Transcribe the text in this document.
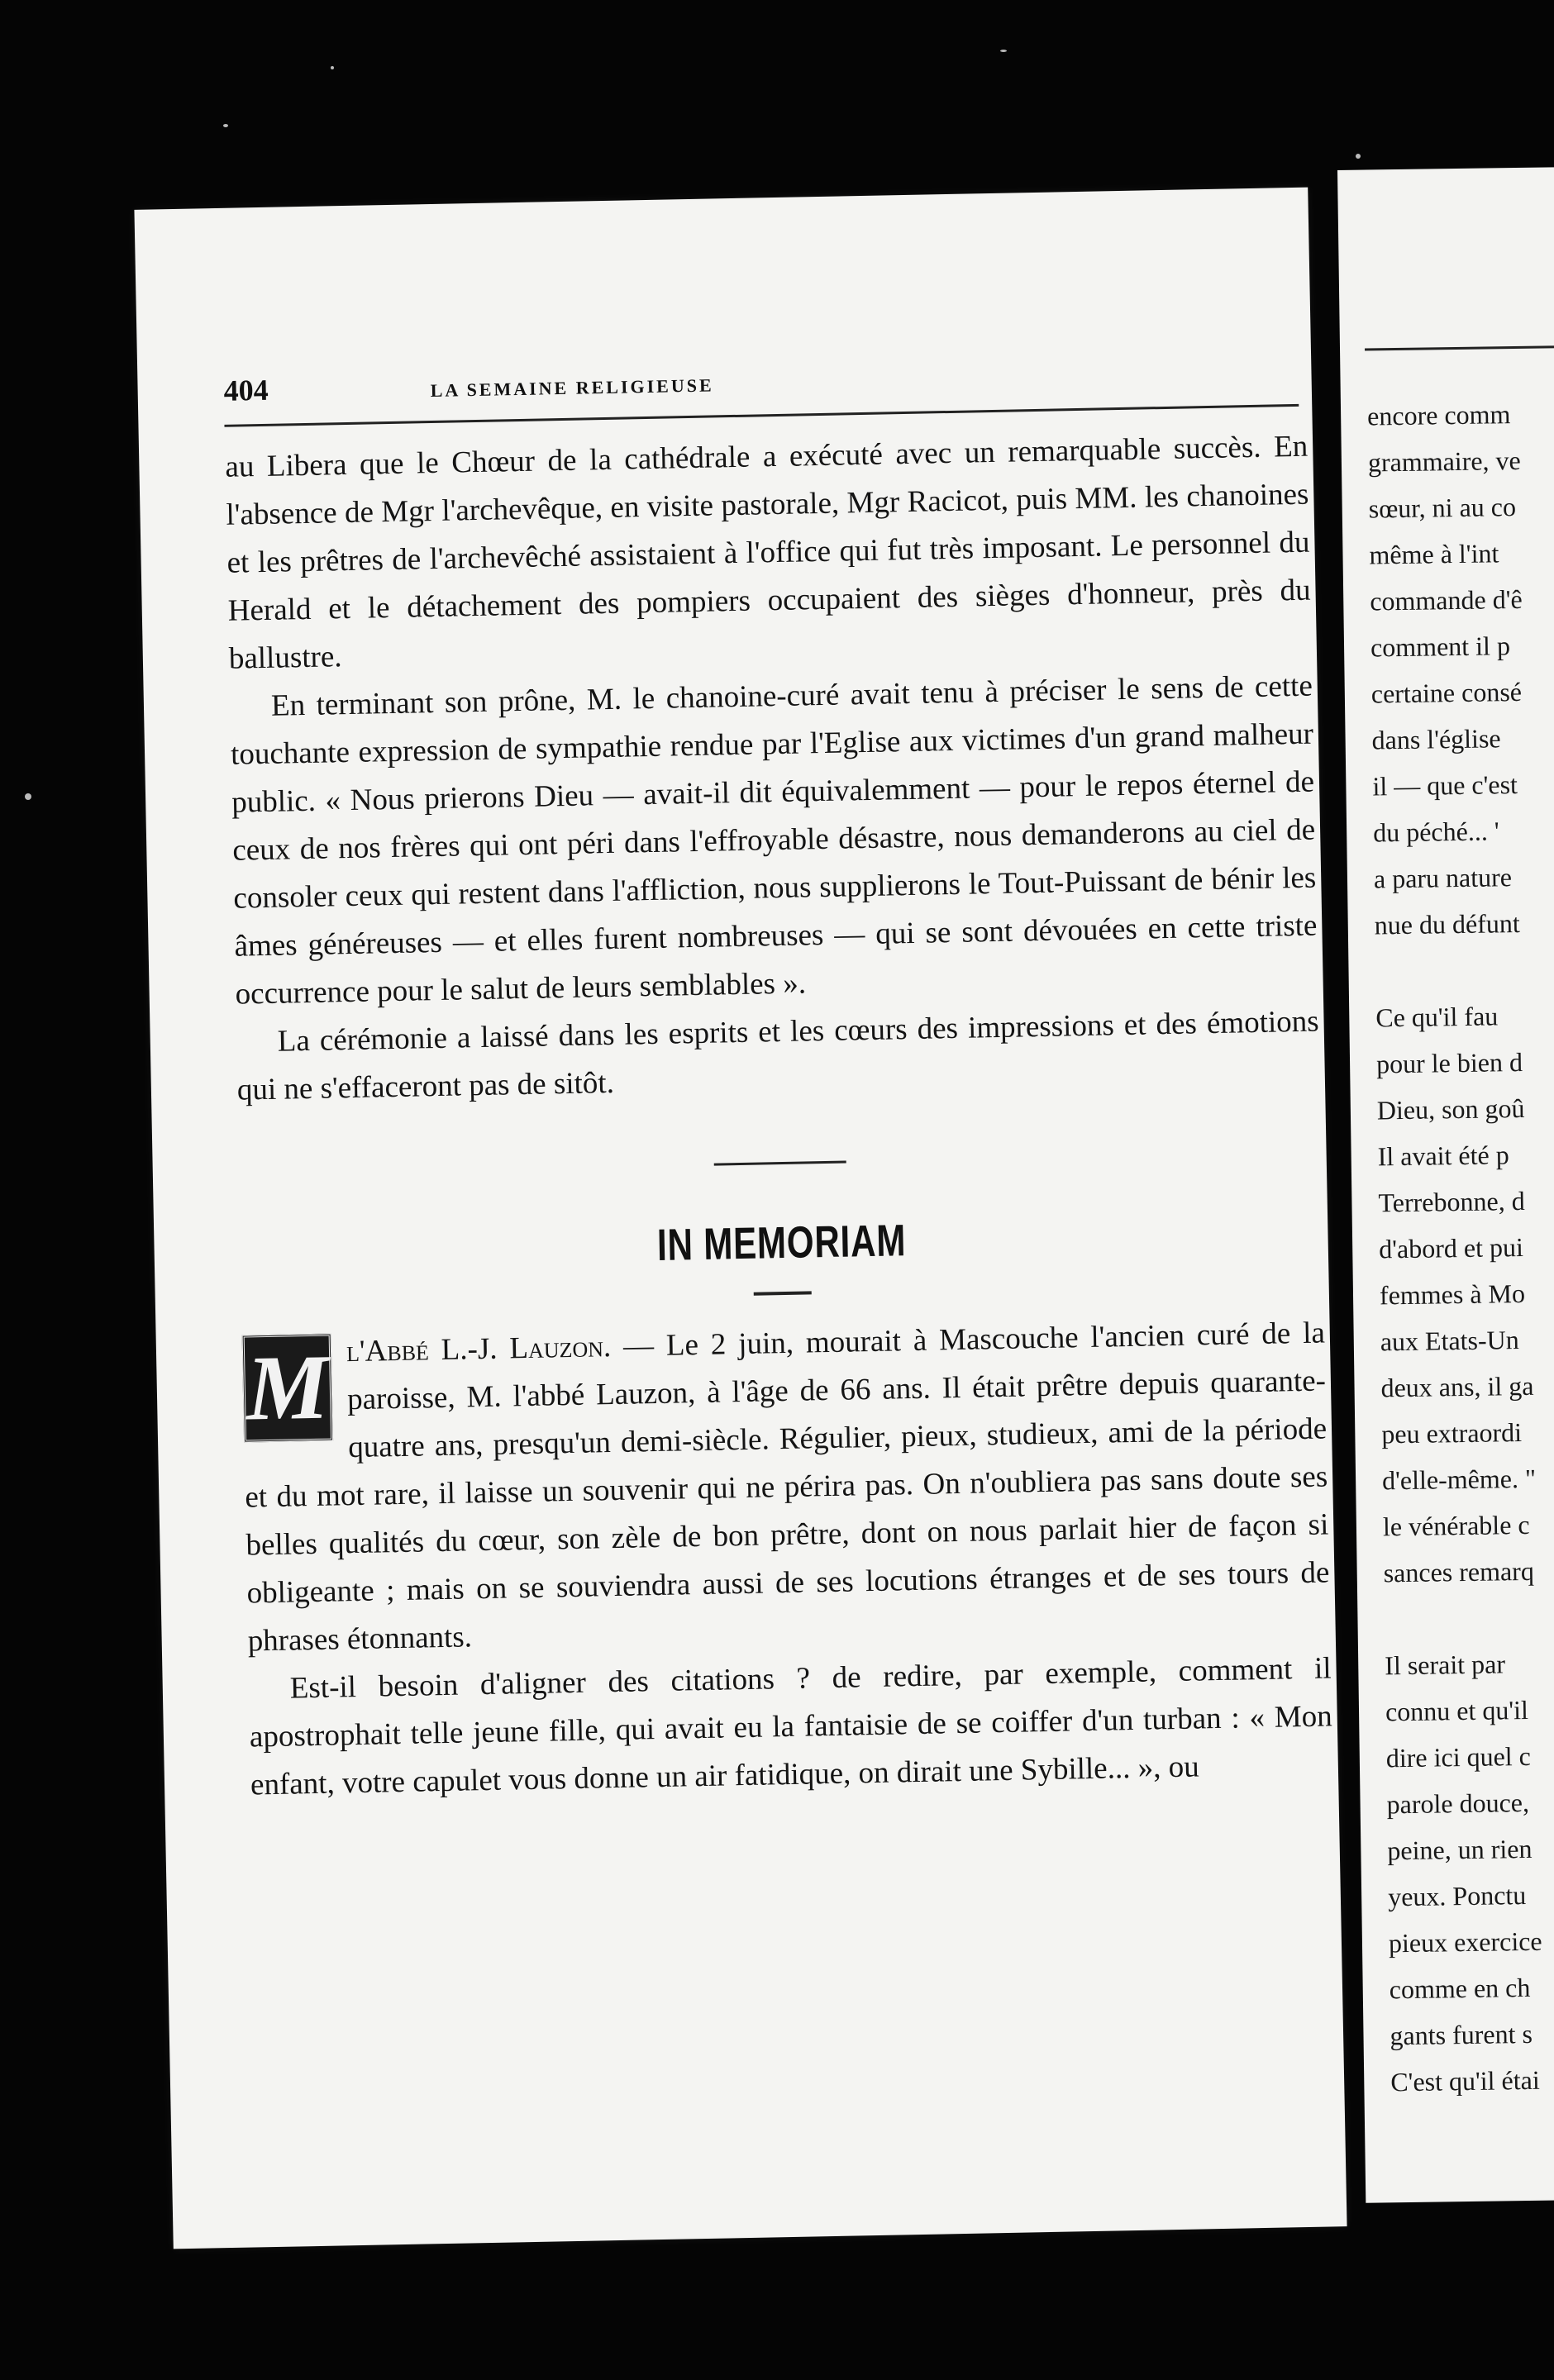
404	LA SEMAINE RELIGIEUSE

au Libera que le Chœur de la cathédrale a exécuté avec un remarquable succès. En l'absence de Mgr l'archevêque, en visite pastorale, Mgr Racicot, puis MM. les chanoines et les prêtres de l'archevêché assistaient à l'office qui fut très imposant. Le personnel du Herald et le détachement des pompiers occupaient des sièges d'honneur, près du ballustre.

En terminant son prône, M. le chanoine-curé avait tenu à préciser le sens de cette touchante expression de sympathie rendue par l'Eglise aux victimes d'un grand malheur public. « Nous prierons Dieu — avait-il dit équivalemment — pour le repos éternel de ceux de nos frères qui ont péri dans l'effroyable désastre, nous demanderons au ciel de consoler ceux qui restent dans l'affliction, nous supplierons le Tout-Puissant de bénir les âmes généreuses — et elles furent nombreuses — qui se sont dévouées en cette triste occurrence pour le salut de leurs semblables ».

La cérémonie a laissé dans les esprits et les cœurs des impressions et des émotions qui ne s'effaceront pas de sitôt.

IN MEMORIAM
M l'Abbé L.-J. Lauzon. — Le 2 juin, mourait à Mascouche l'ancien curé de la paroisse, M. l'abbé Lauzon, à l'âge de 66 ans. Il était prêtre depuis quarante-quatre ans, presqu'un demi-siècle. Régulier, pieux, studieux, ami de la période et du mot rare, il laisse un souvenir qui ne périra pas. On n'oubliera pas sans doute ses belles qualités du cœur, son zèle de bon prêtre, dont on nous parlait hier de façon si obligeante ; mais on se souviendra aussi de ses locutions étranges et de ses tours de phrases étonnants.

Est-il besoin d'aligner des citations ? de redire, par exemple, comment il apostrophait telle jeune fille, qui avait eu la fantaisie de se coiffer d'un turban : « Mon enfant, votre capulet vous donne un air fatidique, on dirait une Sybille... », ou

encore comm
grammaire, ve
sœur, ni au co
même à l'int
commande d'ê
comment il p
certaine consé
dans l'église
il — que c'est
du péché... '
a paru nature
nue du défunt
Ce qu'il fau
pour le bien d
Dieu, son goû
Il avait été p
Terrebonne, d
d'abord et pui
femmes à Mo
aux Etats-Un
deux ans, il ga
peu extraordi
d'elle-même. "
le vénérable c
sances remarq
Il serait par
connu et qu'il
dire ici quel c
parole douce,
peine, un rien
yeux. Ponctu
pieux exercice
comme en ch
gants furent s
C'est qu'il étai
